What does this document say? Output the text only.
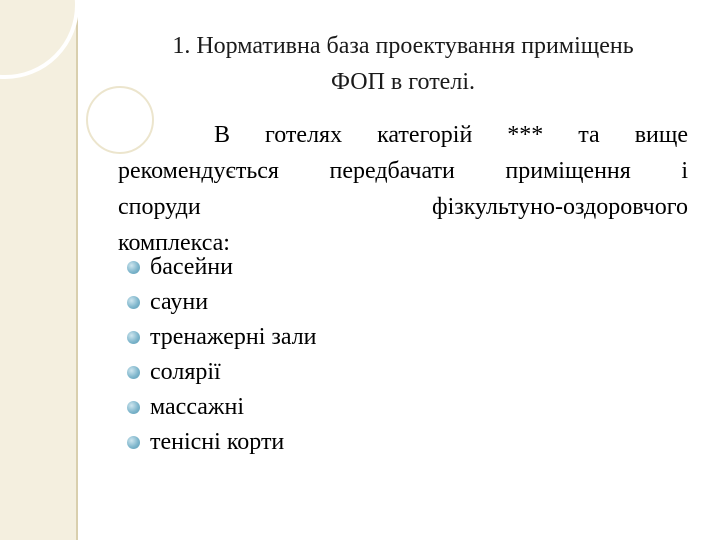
1. Нормативна база проектування приміщень
ФОП в готелі.
В готелях категорій *** та вище
рекомендується передбачати приміщення і
споруди фізкультуно-оздоровчого
комплекса:
басейни
сауни
тренажерні зали
солярії
массажні
тенісні корти
